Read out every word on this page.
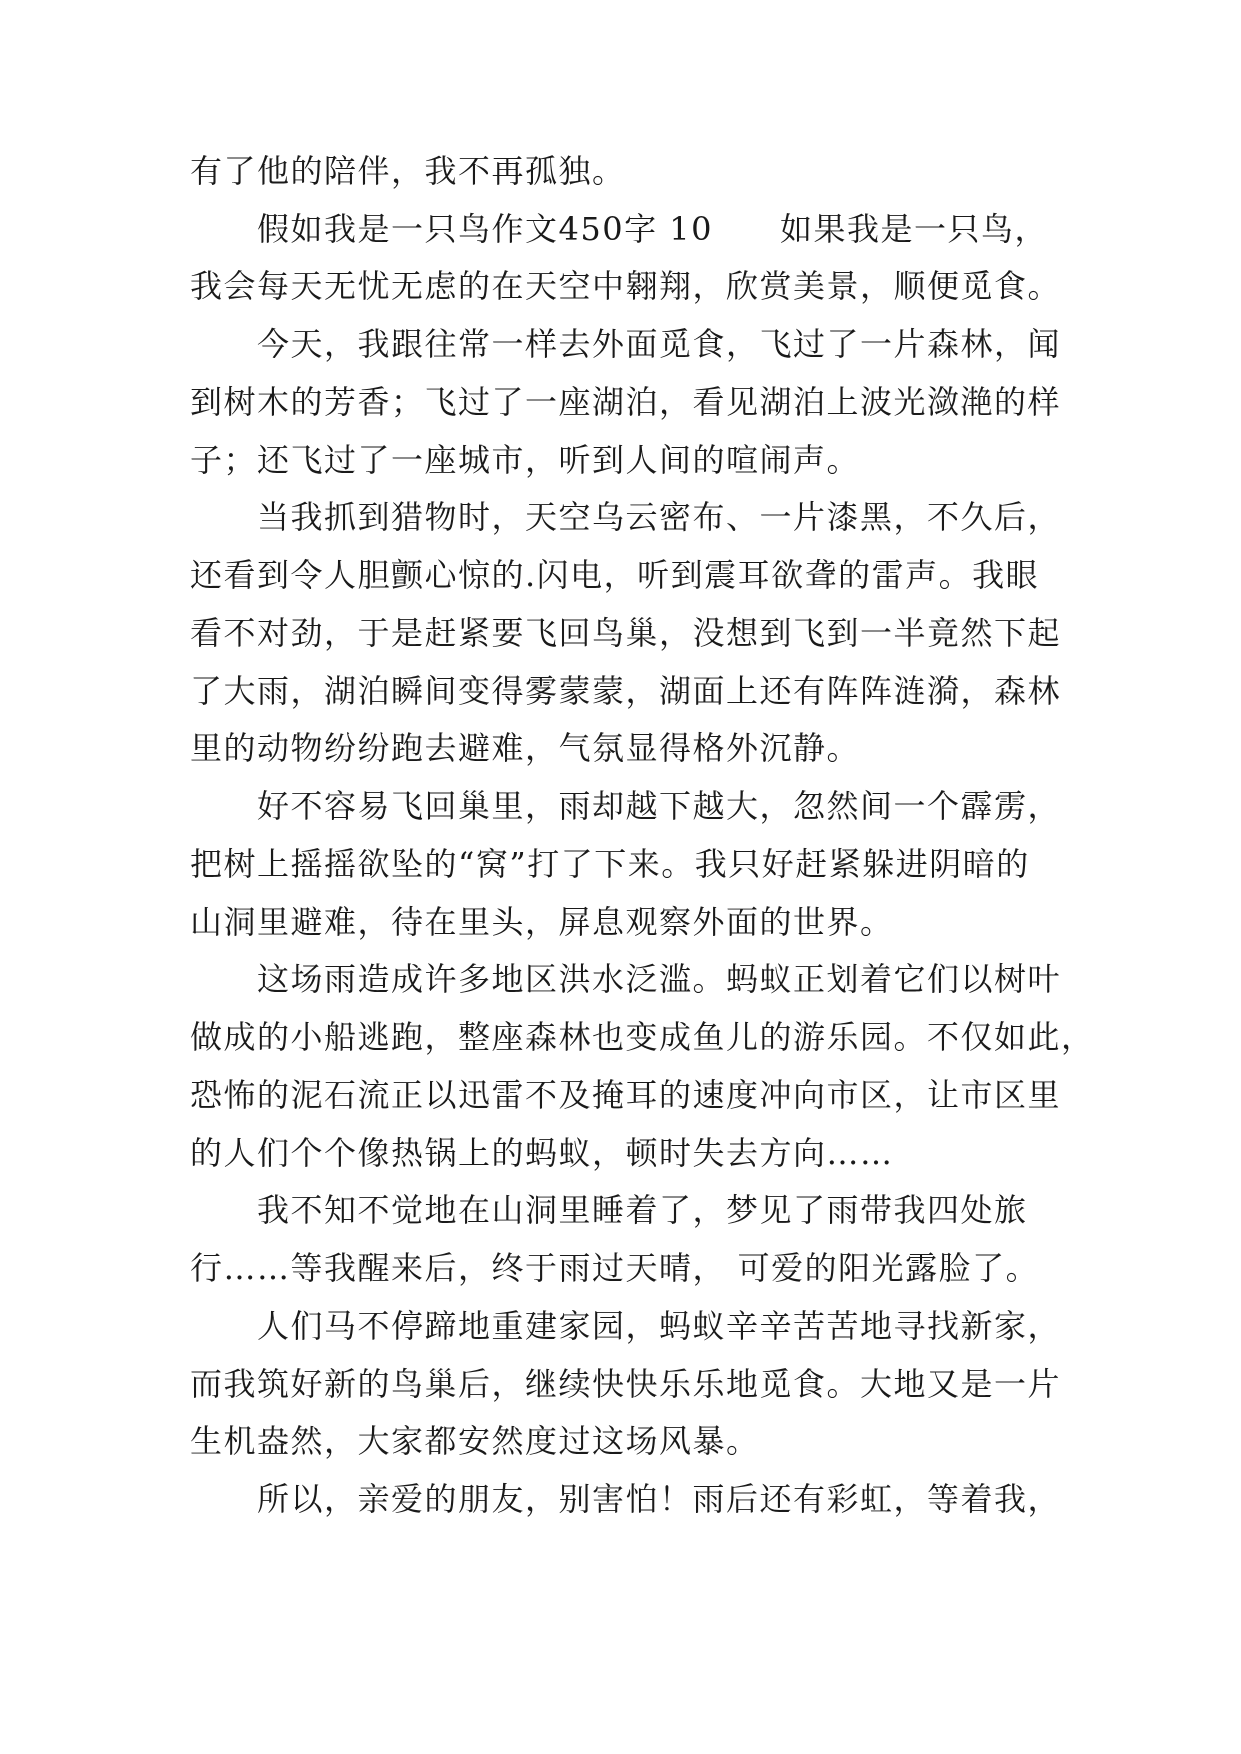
有了他的陪伴，我不再孤独。

　　假如我是一只鸟作文450字 10　　如果我是一只鸟，

我会每天无忧无虑的在天空中翱翔，欣赏美景，顺便觅食。

　　今天，我跟往常一样去外面觅食，飞过了一片森林，闻

到树木的芳香；飞过了一座湖泊，看见湖泊上波光潋滟的样

子；还飞过了一座城市，听到人间的喧闹声。

　　当我抓到猎物时，天空乌云密布、一片漆黑，不久后，

还看到令人胆颤心惊的.闪电，听到震耳欲聋的雷声。我眼

看不对劲，于是赶紧要飞回鸟巢，没想到飞到一半竟然下起

了大雨，湖泊瞬间变得雾蒙蒙，湖面上还有阵阵涟漪，森林

里的动物纷纷跑去避难，气氛显得格外沉静。

　　好不容易飞回巢里，雨却越下越大，忽然间一个霹雳，

把树上摇摇欲坠的“窝”打了下来。我只好赶紧躲进阴暗的

山洞里避难，待在里头，屏息观察外面的世界。

　　这场雨造成许多地区洪水泛滥。蚂蚁正划着它们以树叶

做成的小船逃跑，整座森林也变成鱼儿的游乐园。不仅如此，

恐怖的泥石流正以迅雷不及掩耳的速度冲向市区，让市区里

的人们个个像热锅上的蚂蚁，顿时失去方向……

　　我不知不觉地在山洞里睡着了，梦见了雨带我四处旅

行……等我醒来后，终于雨过天晴， 可爱的阳光露脸了。

　　人们马不停蹄地重建家园，蚂蚁辛辛苦苦地寻找新家，

而我筑好新的鸟巢后，继续快快乐乐地觅食。大地又是一片

生机盎然，大家都安然度过这场风暴。

　　所以，亲爱的朋友，别害怕！雨后还有彩虹，等着我，
